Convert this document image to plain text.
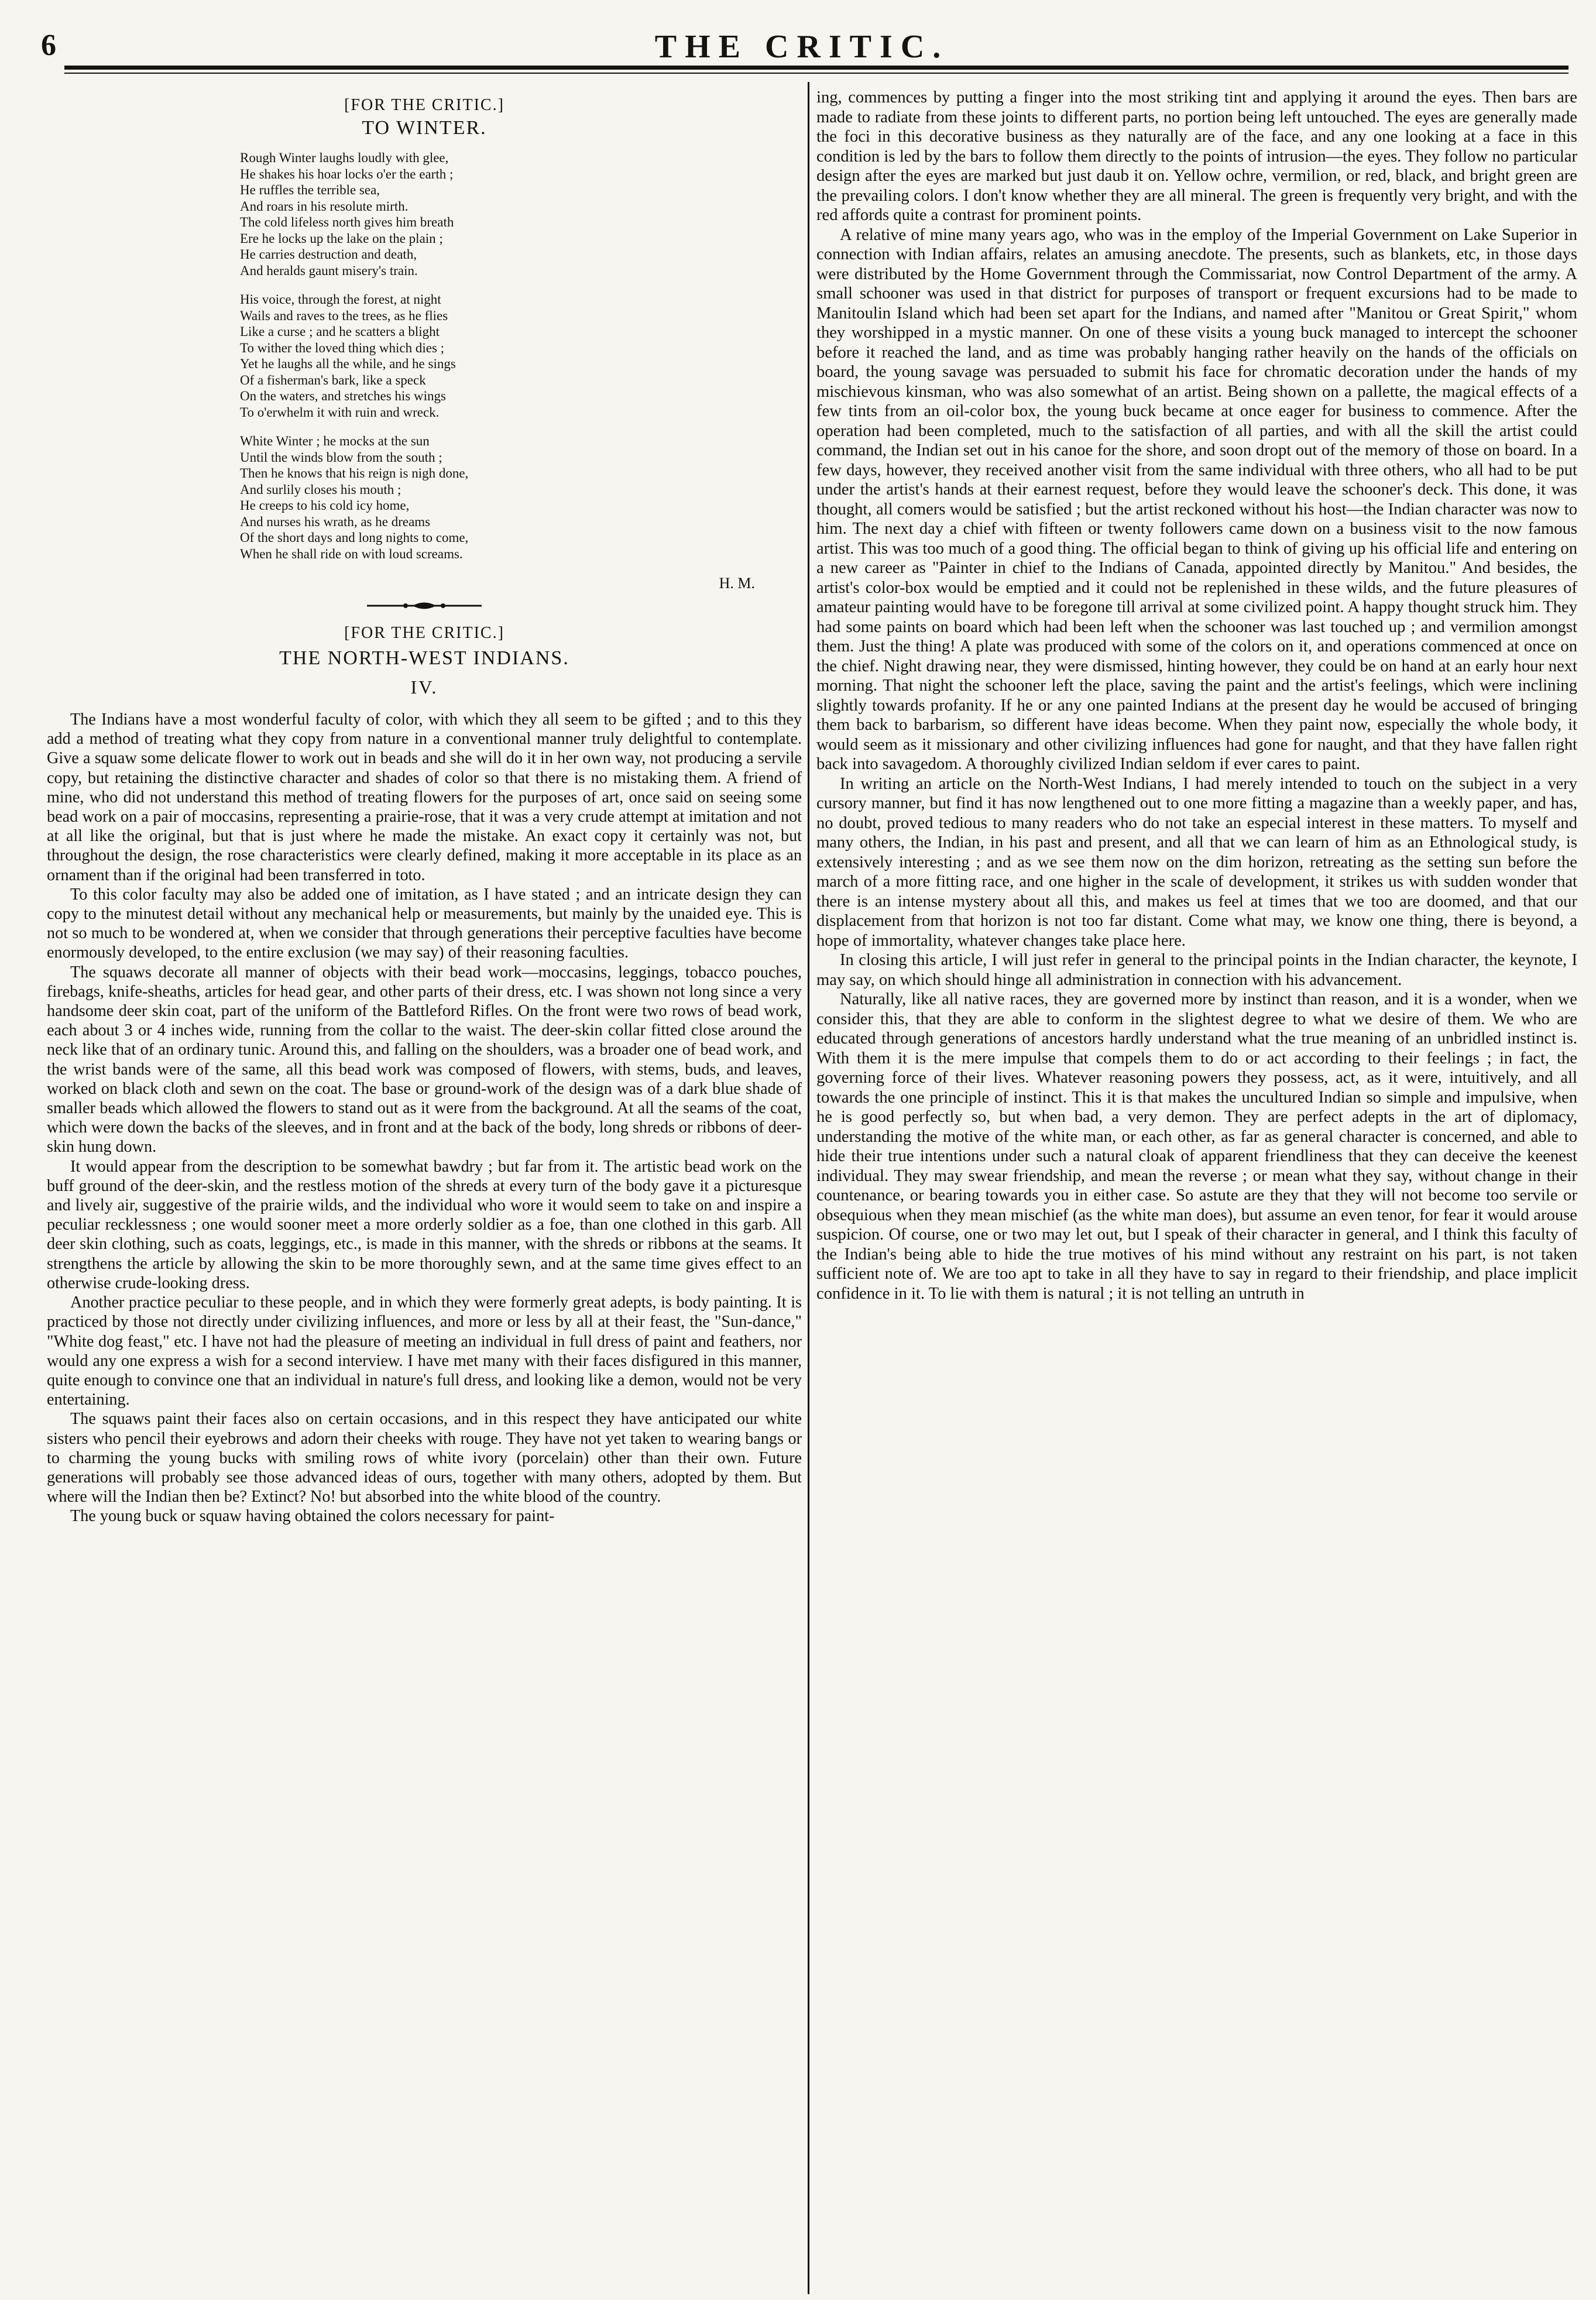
6	THE CRITIC.
[FOR THE CRITIC.]
TO WINTER.
Rough Winter laughs loudly with glee,
He shakes his hoar locks o'er the earth ;
He ruffles the terrible sea,
And roars in his resolute mirth.
The cold lifeless north gives him breath
Ere he locks up the lake on the plain ;
He carries destruction and death,
And heralds gaunt misery's train.
His voice, through the forest, at night
Wails and raves to the trees, as he flies
Like a curse ; and he scatters a blight
To wither the loved thing which dies ;
Yet he laughs all the while, and he sings
Of a fisherman's bark, like a speck
On the waters, and stretches his wings
To o'erwhelm it with ruin and wreck.
White Winter ; he mocks at the sun
Until the winds blow from the south ;
Then he knows that his reign is nigh done,
And surlily closes his mouth ;
He creeps to his cold icy home,
And nurses his wrath, as he dreams
Of the short days and long nights to come,
When he shall ride on with loud screams.
H. M.
[FOR THE CRITIC.]
THE NORTH-WEST INDIANS.
IV.

The Indians have a most wonderful faculty of color, with which they all seem to be gifted ; and to this they add a method of treating what they copy from nature in a conventional manner truly delightful to contemplate. Give a squaw some delicate flower to work out in beads and she will do it in her own way, not producing a servile copy, but retaining the distinctive character and shades of color so that there is no mistaking them. A friend of mine, who did not understand this method of treating flowers for the purposes of art, once said on seeing some bead work on a pair of moccasins, representing a prairie-rose, that it was a very crude attempt at imitation and not at all like the original, but that is just where he made the mistake. An exact copy it certainly was not, but throughout the design, the rose characteristics were clearly defined, making it more acceptable in its place as an ornament than if the original had been transferred in toto.

To this color faculty may also be added one of imitation, as I have stated ; and an intricate design they can copy to the minutest detail without any mechanical help or measurements, but mainly by the unaided eye. This is not so much to be wondered at, when we consider that through generations their perceptive faculties have become enormously developed, to the entire exclusion (we may say) of their reasoning faculties.

The squaws decorate all manner of objects with their bead work—moccasins, leggings, tobacco pouches, firebags, knife-sheaths, articles for head gear, and other parts of their dress, etc. I was shown not long since a very handsome deer skin coat, part of the uniform of the Battleford Rifles. On the front were two rows of bead work, each about 3 or 4 inches wide, running from the collar to the waist. The deer-skin collar fitted close around the neck like that of an ordinary tunic. Around this, and falling on the shoulders, was a broader one of bead work, and the wrist bands were of the same, all this bead work was composed of flowers, with stems, buds, and leaves, worked on black cloth and sewn on the coat. The base or ground-work of the design was of a dark blue shade of smaller beads which allowed the flowers to stand out as it were from the background. At all the seams of the coat, which were down the backs of the sleeves, and in front and at the back of the body, long shreds or ribbons of deer-skin hung down.

It would appear from the description to be somewhat bawdry ; but far from it. The artistic bead work on the buff ground of the deer-skin, and the restless motion of the shreds at every turn of the body gave it a picturesque and lively air, suggestive of the prairie wilds, and the individual who wore it would seem to take on and inspire a peculiar recklessness ; one would sooner meet a more orderly soldier as a foe, than one clothed in this garb. All deer skin clothing, such as coats, leggings, etc., is made in this manner, with the shreds or ribbons at the seams. It strengthens the article by allowing the skin to be more thoroughly sewn, and at the same time gives effect to an otherwise crude-looking dress.

Another practice peculiar to these people, and in which they were formerly great adepts, is body painting. It is practiced by those not directly under civilizing influences, and more or less by all at their feast, the "Sun-dance," "White dog feast," etc. I have not had the pleasure of meeting an individual in full dress of paint and feathers, nor would any one express a wish for a second interview. I have met many with their faces disfigured in this manner, quite enough to convince one that an individual in nature's full dress, and looking like a demon, would not be very entertaining.

The squaws paint their faces also on certain occasions, and in this respect they have anticipated our white sisters who pencil their eyebrows and adorn their cheeks with rouge. They have not yet taken to wearing bangs or to charming the young bucks with smiling rows of white ivory (porcelain) other than their own. Future generations will probably see those advanced ideas of ours, together with many others, adopted by them. But where will the Indian then be? Extinct? No! but absorbed into the white blood of the country.

The young buck or squaw having obtained the colors necessary for paint-

ing, commences by putting a finger into the most striking tint and applying it around the eyes. Then bars are made to radiate from these joints to different parts, no portion being left untouched. The eyes are generally made the foci in this decorative business as they naturally are of the face, and any one looking at a face in this condition is led by the bars to follow them directly to the points of intrusion—the eyes. They follow no particular design after the eyes are marked but just daub it on. Yellow ochre, vermilion, or red, black, and bright green are the prevailing colors. I don't know whether they are all mineral. The green is frequently very bright, and with the red affords quite a contrast for prominent points.

A relative of mine many years ago, who was in the employ of the Imperial Government on Lake Superior in connection with Indian affairs, relates an amusing anecdote. The presents, such as blankets, etc, in those days were distributed by the Home Government through the Commissariat, now Control Department of the army. A small schooner was used in that district for purposes of transport or frequent excursions had to be made to Manitoulin Island which had been set apart for the Indians, and named after "Manitou or Great Spirit," whom they worshipped in a mystic manner. On one of these visits a young buck managed to intercept the schooner before it reached the land, and as time was probably hanging rather heavily on the hands of the officials on board, the young savage was persuaded to submit his face for chromatic decoration under the hands of my mischievous kinsman, who was also somewhat of an artist. Being shown on a pallette, the magical effects of a few tints from an oil-color box, the young buck became at once eager for business to commence. After the operation had been completed, much to the satisfaction of all parties, and with all the skill the artist could command, the Indian set out in his canoe for the shore, and soon dropt out of the memory of those on board. In a few days, however, they received another visit from the same individual with three others, who all had to be put under the artist's hands at their earnest request, before they would leave the schooner's deck. This done, it was thought, all comers would be satisfied ; but the artist reckoned without his host—the Indian character was now to him. The next day a chief with fifteen or twenty followers came down on a business visit to the now famous artist. This was too much of a good thing. The official began to think of giving up his official life and entering on a new career as "Painter in chief to the Indians of Canada, appointed directly by Manitou." And besides, the artist's color-box would be emptied and it could not be replenished in these wilds, and the future pleasures of amateur painting would have to be foregone till arrival at some civilized point. A happy thought struck him. They had some paints on board which had been left when the schooner was last touched up ; and vermilion amongst them. Just the thing! A plate was produced with some of the colors on it, and operations commenced at once on the chief. Night drawing near, they were dismissed, hinting however, they could be on hand at an early hour next morning. That night the schooner left the place, saving the paint and the artist's feelings, which were inclining slightly towards profanity. If he or any one painted Indians at the present day he would be accused of bringing them back to barbarism, so different have ideas become. When they paint now, especially the whole body, it would seem as it missionary and other civilizing influences had gone for naught, and that they have fallen right back into savagedom. A thoroughly civilized Indian seldom if ever cares to paint.

In writing an article on the North-West Indians, I had merely intended to touch on the subject in a very cursory manner, but find it has now lengthened out to one more fitting a magazine than a weekly paper, and has, no doubt, proved tedious to many readers who do not take an especial interest in these matters. To myself and many others, the Indian, in his past and present, and all that we can learn of him as an Ethnological study, is extensively interesting ; and as we see them now on the dim horizon, retreating as the setting sun before the march of a more fitting race, and one higher in the scale of development, it strikes us with sudden wonder that there is an intense mystery about all this, and makes us feel at times that we too are doomed, and that our displacement from that horizon is not too far distant. Come what may, we know one thing, there is beyond, a hope of immortality, whatever changes take place here.

In closing this article, I will just refer in general to the principal points in the Indian character, the keynote, I may say, on which should hinge all administration in connection with his advancement.

Naturally, like all native races, they are governed more by instinct than reason, and it is a wonder, when we consider this, that they are able to conform in the slightest degree to what we desire of them. We who are educated through generations of ancestors hardly understand what the true meaning of an unbridled instinct is. With them it is the mere impulse that compels them to do or act according to their feelings ; in fact, the governing force of their lives. Whatever reasoning powers they possess, act, as it were, intuitively, and all towards the one principle of instinct. This it is that makes the uncultured Indian so simple and impulsive, when he is good perfectly so, but when bad, a very demon. They are perfect adepts in the art of diplomacy, understanding the motive of the white man, or each other, as far as general character is concerned, and able to hide their true intentions under such a natural cloak of apparent friendliness that they can deceive the keenest individual. They may swear friendship, and mean the reverse ; or mean what they say, without change in their countenance, or bearing towards you in either case. So astute are they that they will not become too servile or obsequious when they mean mischief (as the white man does), but assume an even tenor, for fear it would arouse suspicion. Of course, one or two may let out, but I speak of their character in general, and I think this faculty of the Indian's being able to hide the true motives of his mind without any restraint on his part, is not taken sufficient note of. We are too apt to take in all they have to say in regard to their friendship, and place implicit confidence in it. To lie with them is natural ; it is not telling an untruth in
